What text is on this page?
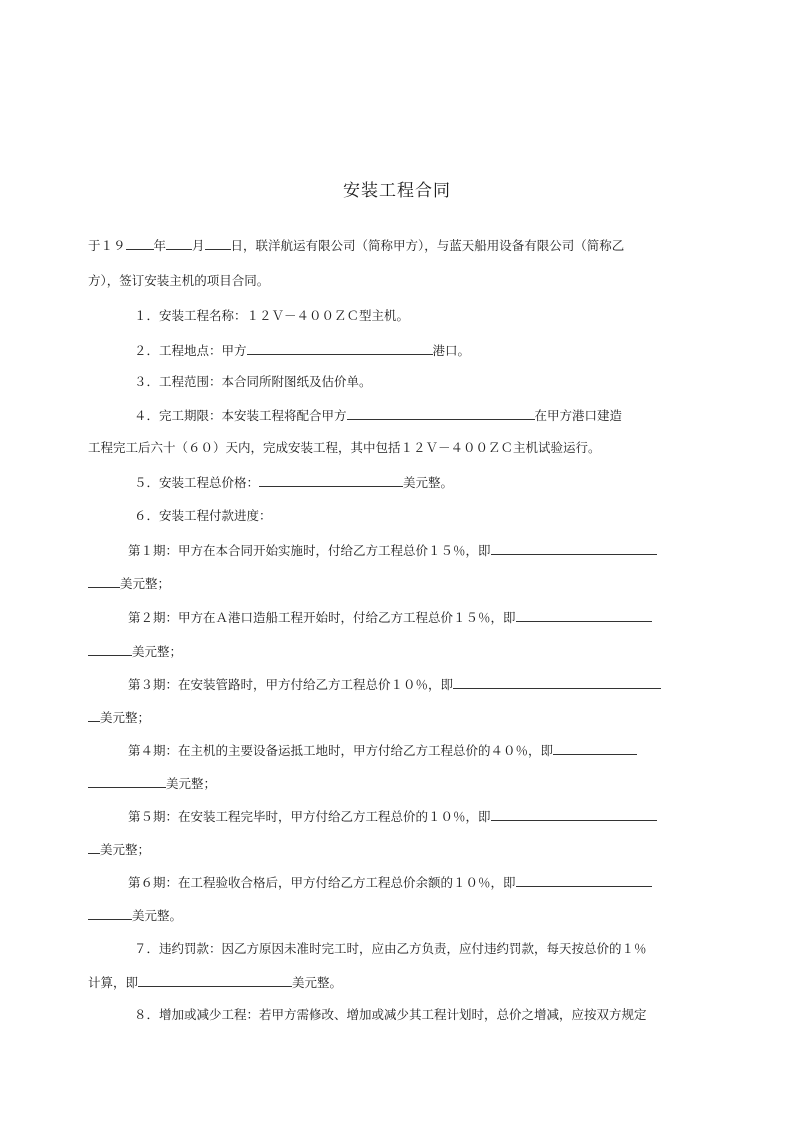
安装工程合同
于１９ 年 月 日，联洋航运有限公司（简称甲方），与蓝天船用设备有限公司（简称乙
方），签订安装主机的项目合同。
１．安装工程名称：１２Ｖ－４００ＺＣ型主机。
２．工程地点：甲方	港口。
３．工程范围：本合同所附图纸及估价单。
４．完工期限：本安装工程将配合甲方	在甲方港口建造
工程完工后六十（６０）天内，完成安装工程，其中包括１２Ｖ－４００ＺＣ主机试验运行。
５．安装工程总价格：	美元整。
６．安装工程付款进度：
第１期：甲方在本合同开始实施时，付给乙方工程总价１５％，即
美元整；
第２期：甲方在Ａ港口造船工程开始时，付给乙方工程总价１５％，即
美元整；
第３期：在安装管路时，甲方付给乙方工程总价１０％，即
美元整；
第４期：在主机的主要设备运抵工地时，甲方付给乙方工程总价的４０％，即
美元整；
第５期：在安装工程完毕时，甲方付给乙方工程总价的１０％，即
美元整；
第６期：在工程验收合格后，甲方付给乙方工程总价余额的１０％，即
美元整。
７．违约罚款：因乙方原因未准时完工时，应由乙方负责，应付违约罚款，每天按总价的１％
计算，即	美元整。
８．增加或减少工程：若甲方需修改、增加或减少其工程计划时，总价之增减，应按双方规定
